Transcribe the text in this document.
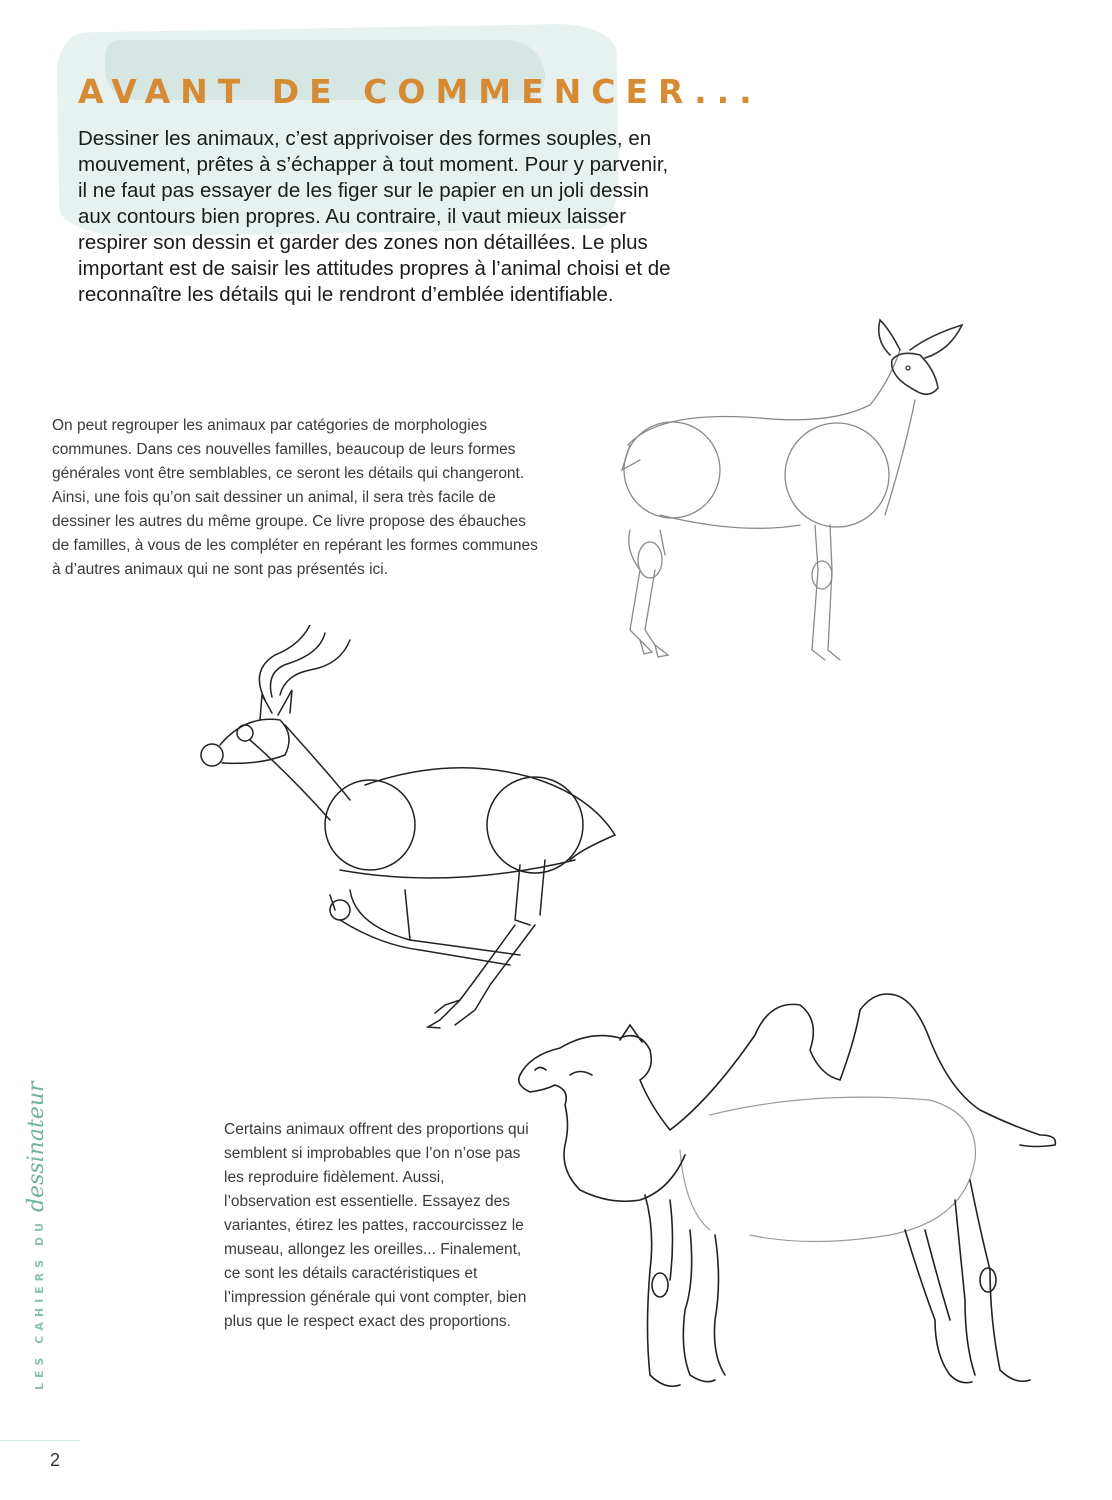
AVANT DE COMMENCER...

Dessiner les animaux, c’est apprivoiser des formes souples, en mouvement, prêtes à s’échapper à tout moment. Pour y parvenir, il ne faut pas essayer de les figer sur le papier en un joli dessin aux contours bien propres. Au contraire, il vaut mieux laisser respirer son dessin et garder des zones non détaillées. Le plus important est de saisir les attitudes propres à l’animal choisi et de reconnaître les détails qui le rendront d’emblée identifiable.

On peut regrouper les animaux par catégories de morphologies communes. Dans ces nouvelles familles, beaucoup de leurs formes générales vont être semblables, ce seront les détails qui changeront. Ainsi, une fois qu’on sait dessiner un animal, il sera très facile de dessiner les autres du même groupe. Ce livre propose des ébauches de familles, à vous de les compléter en repérant les formes communes à d’autres animaux qui ne sont pas présentés ici.

Certains animaux offrent des proportions qui semblent si improbables que l’on n’ose pas les reproduire fidèlement. Aussi, l’observation est essentielle. Essayez des variantes, étirez les pattes, raccourcissez le museau, allongez les oreilles... Finalement, ce sont les détails caractéristiques et l’impression générale qui vont compter, bien plus que le respect exact des proportions.

LES CAHIERS DU
dessinateur
2
